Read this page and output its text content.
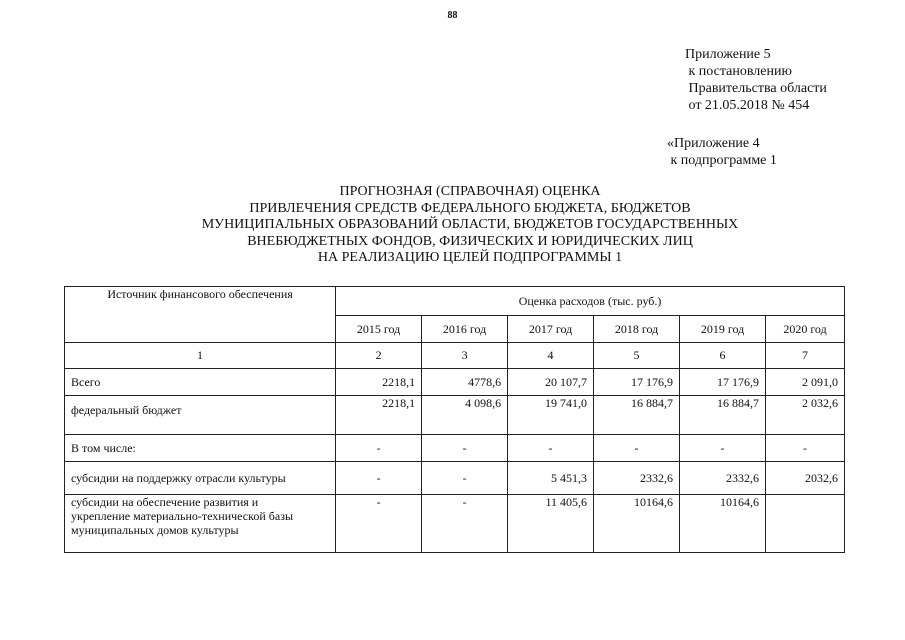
88
Приложение 5
к постановлению
Правительства области
от 21.05.2018 № 454
«Приложение 4
к подпрограмме 1
ПРОГНОЗНАЯ (СПРАВОЧНАЯ) ОЦЕНКА
ПРИВЛЕЧЕНИЯ СРЕДСТВ ФЕДЕРАЛЬНОГО БЮДЖЕТА, БЮДЖЕТОВ
МУНИЦИПАЛЬНЫХ ОБРАЗОВАНИЙ ОБЛАСТИ, БЮДЖЕТОВ ГОСУДАРСТВЕННЫХ
ВНЕБЮДЖЕТНЫХ ФОНДОВ, ФИЗИЧЕСКИХ И ЮРИДИЧЕСКИХ ЛИЦ
НА РЕАЛИЗАЦИЮ ЦЕЛЕЙ ПОДПРОГРАММЫ 1
Источник финансового обеспечения	Оценка расходов (тыс. руб.)					
	2015 год	2016 год	2017 год	2018 год	2019 год	2020 год
1	2	3	4	5	6	7
Всего	2218,1	4778,6	20 107,7	17 176,9	17 176,9	2 091,0
федеральный бюджет	2218,1	4 098,6	19 741,0	16 884,7	16 884,7	2 032,6
В том числе:	-	-	-	-	-	-
субсидии на поддержку отрасли культуры	-	-	5 451,3	2332,6	2332,6	2032,6

субсидии на обеспечение развития и
укрепление материально-технической базы
муниципальных домов культуры	-	-	11 405,6	10164,6	10164,6	
